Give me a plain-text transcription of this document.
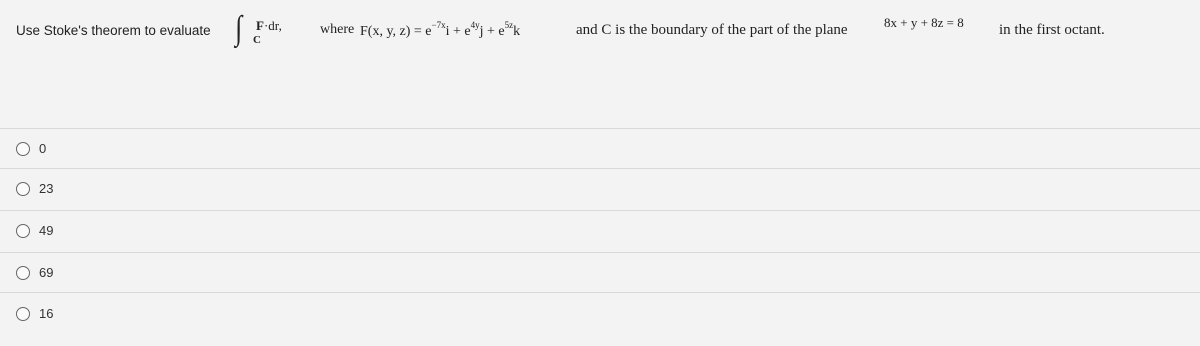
Use Stoke's theorem to evaluate ∫ C
F·dr,	where F(x, y, $z) = e^{-7x}i + e^{4y}j + e^{5z}k$	and C is the boundary of the part of the plane	8x + y + 8z = 8 in the first octant.
0
23
49
69
16
